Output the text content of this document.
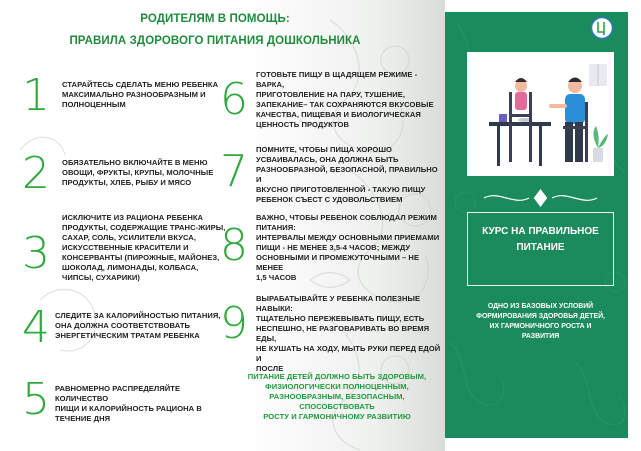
РОДИТЕЛЯМ В ПОМОЩЬ:
ПРАВИЛА ЗДОРОВОГО ПИТАНИЯ ДОШКОЛЬНИКА
1 СТАРАЙТЕСЬ СДЕЛАТЬ МЕНЮ РЕБЕНКА
МАКСИМАЛЬНО РАЗНООБРАЗНЫМ И
ПОЛНОЦЕННЫМ
2 ОБЯЗАТЕЛЬНО ВКЛЮЧАЙТЕ В МЕНЮ
ОВОЩИ, ФРУКТЫ, КРУПЫ, МОЛОЧНЫЕ
ПРОДУКТЫ, ХЛЕБ, РЫБУ И МЯСО
3
ИСКЛЮЧИТЕ ИЗ РАЦИОНА РЕБЕНКА
ПРОДУКТЫ, СОДЕРЖАЩИЕ ТРАНС-ЖИРЫ,
САХАР, СОЛЬ, УСИЛИТЕЛИ ВКУСА,
ИСКУССТВЕННЫЕ КРАСИТЕЛИ И
КОНСЕРВАНТЫ (ПИРОЖНЫЕ, МАЙОНЕЗ,
ШОКОЛАД, ЛИМОНАДЫ, КОЛБАСА,
ЧИПСЫ, СУХАРИКИ)
4 СЛЕДИТЕ ЗА КАЛОРИЙНОСТЬЮ ПИТАНИЯ,
ОНА ДОЛЖНА СООТВЕТСТВОВАТЬ
ЭНЕРГЕТИЧЕСКИМ ТРАТАМ РЕБЕНКА
5 РАВНОМЕРНО РАСПРЕДЕЛЯЙТЕ КОЛИЧЕСТВО
ПИЩИ И КАЛОРИЙНОСТЬ РАЦИОНА В
ТЕЧЕНИЕ ДНЯ
6 ГОТОВЬТЕ ПИЩУ В ЩАДЯЩЕМ РЕЖИМЕ - ВАРКА,
ПРИГОТОВЛЕНИЕ НА ПАРУ, ТУШЕНИЕ,
ЗАПЕКАНИЕ– ТАК СОХРАНЯЮТСЯ ВКУСОВЫЕ
КАЧЕСТВА, ПИЩЕВАЯ И БИОЛОГИЧЕСКАЯ
ЦЕННОСТЬ ПРОДУКТОВ
7 ПОМНИТЕ, ЧТОБЫ ПИЩА ХОРОШО
УСВАИВАЛАСЬ, ОНА ДОЛЖНА БЫТЬ
РАЗНООБРАЗНОЙ, БЕЗОПАСНОЙ, ПРАВИЛЬНО И
ВКУСНО ПРИГОТОВЛЕННОЙ - ТАКУЮ ПИЩУ
РЕБЕНОК СЪЕСТ С УДОВОЛЬСТВИЕМ
8
ВАЖНО, ЧТОБЫ РЕБЕНОК СОБЛЮДАЛ РЕЖИМ
ПИТАНИЯ:
ИНТЕРВАЛЫ МЕЖДУ ОСНОВНЫМИ ПРИЕМАМИ
ПИЩИ - НЕ МЕНЕЕ 3,5-4 ЧАСОВ; МЕЖДУ
ОСНОВНЫМИ И ПРОМЕЖУТОЧНЫМИ – НЕ МЕНЕЕ
1,5 ЧАСОВ
9 ВЫРАБАТЫВАЙТЕ У РЕБЕНКА ПОЛЕЗНЫЕ НАВЫКИ:
ТЩАТЕЛЬНО ПЕРЕЖЕВЫВАТЬ ПИЩУ, ЕСТЬ
НЕСПЕШНО, НЕ РАЗГОВАРИВАТЬ ВО ВРЕМЯ ЕДЫ,
НЕ КУШАТЬ НА ХОДУ, МЫТЬ РУКИ ПЕРЕД ЕДОЙ И
ПОСЛЕ
ПИТАНИЕ ДЕТЕЙ ДОЛЖНО БЫТЬ ЗДОРОВЫМ,
ФИЗИОЛОГИЧЕСКИ ПОЛНОЦЕННЫМ,
РАЗНООБРАЗНЫМ, БЕЗОПАСНЫМ, СПОСОБСТВОВАТЬ
РОСТУ И ГАРМОНИЧНОМУ РАЗВИТИЮ
КУРС НА ПРАВИЛЬНОЕ
ПИТАНИЕ
ОДНО ИЗ БАЗОВЫХ УСЛОВИЙ
ФОРМИРОВАНИЯ ЗДОРОВЬЯ ДЕТЕЙ,
ИХ ГАРМОНИЧНОГО РОСТА И
РАЗВИТИЯ
